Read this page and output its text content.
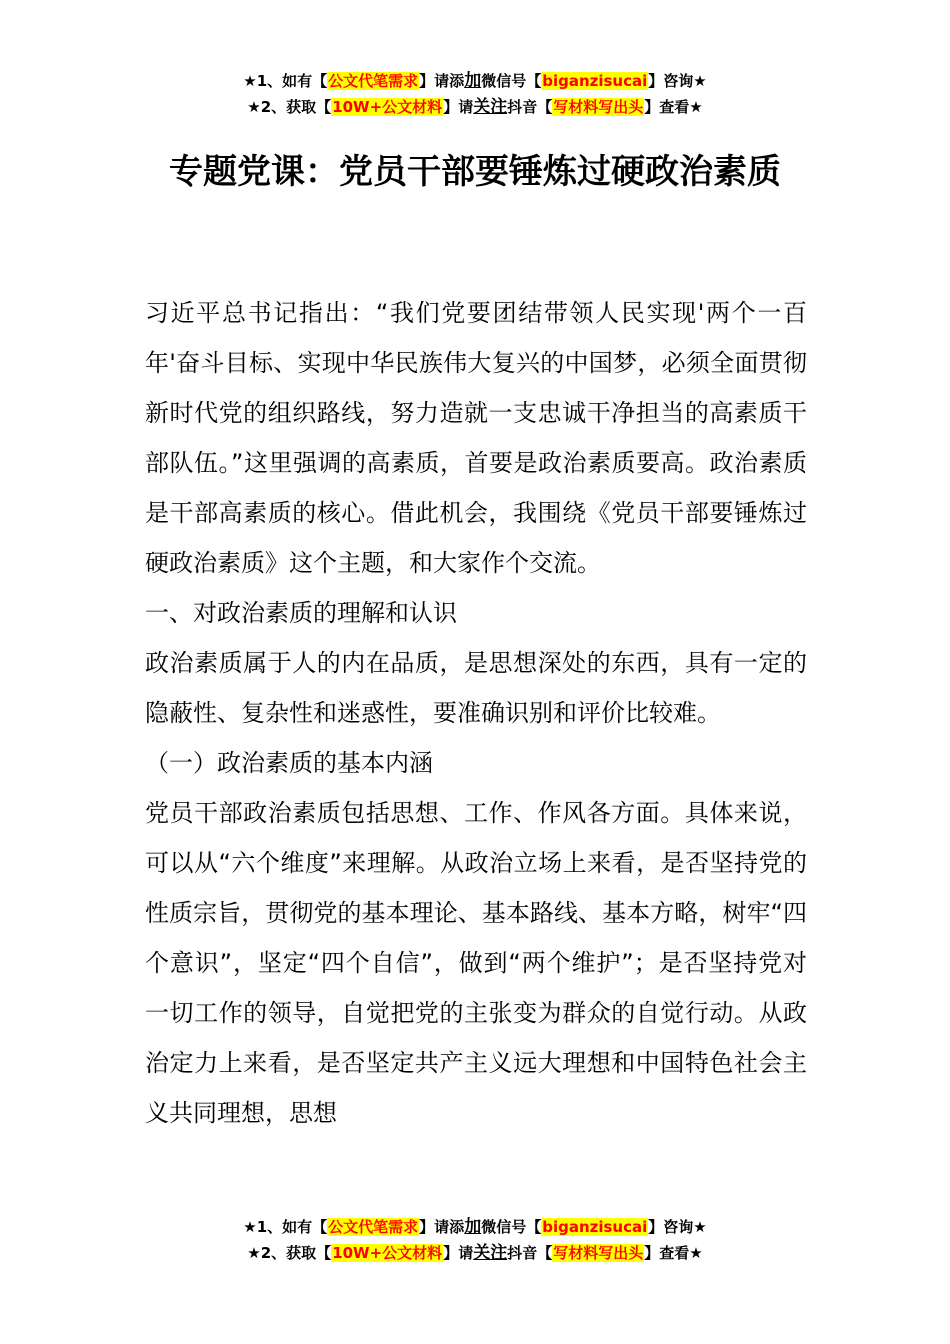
★1、如有【公文代笔需求】请添加微信号【biganzisucai】咨询★
★2、获取【10W+公文材料】请关注抖音【写材料写出头】查看★
专题党课：党员干部要锤炼过硬政治素质

习近平总书记指出：“我们党要团结带领人民实现'两个一百年'奋斗目标、实现中华民族伟大复兴的中国梦，必须全面贯彻新时代党的组织路线，努力造就一支忠诚干净担当的高素质干部队伍。”这里强调的高素质，首要是政治素质要高。政治素质是干部高素质的核心。借此机会，我围绕《党员干部要锤炼过硬政治素质》这个主题，和大家作个交流。

一、对政治素质的理解和认识

政治素质属于人的内在品质，是思想深处的东西，具有一定的隐蔽性、复杂性和迷惑性，要准确识别和评价比较难。

（一）政治素质的基本内涵

党员干部政治素质包括思想、工作、作风各方面。具体来说，可以从“六个维度”来理解。从政治立场上来看，是否坚持党的性质宗旨，贯彻党的基本理论、基本路线、基本方略，树牢“四个意识”，坚定“四个自信”，做到“两个维护”；是否坚持党对一切工作的领导，自觉把党的主张变为群众的自觉行动。从政治定力上来看，是否坚定共产主义远大理想和中国特色社会主义共同理想，思想

★1、如有【公文代笔需求】请添加微信号【biganzisucai】咨询★
★2、获取【10W+公文材料】请关注抖音【写材料写出头】查看★
